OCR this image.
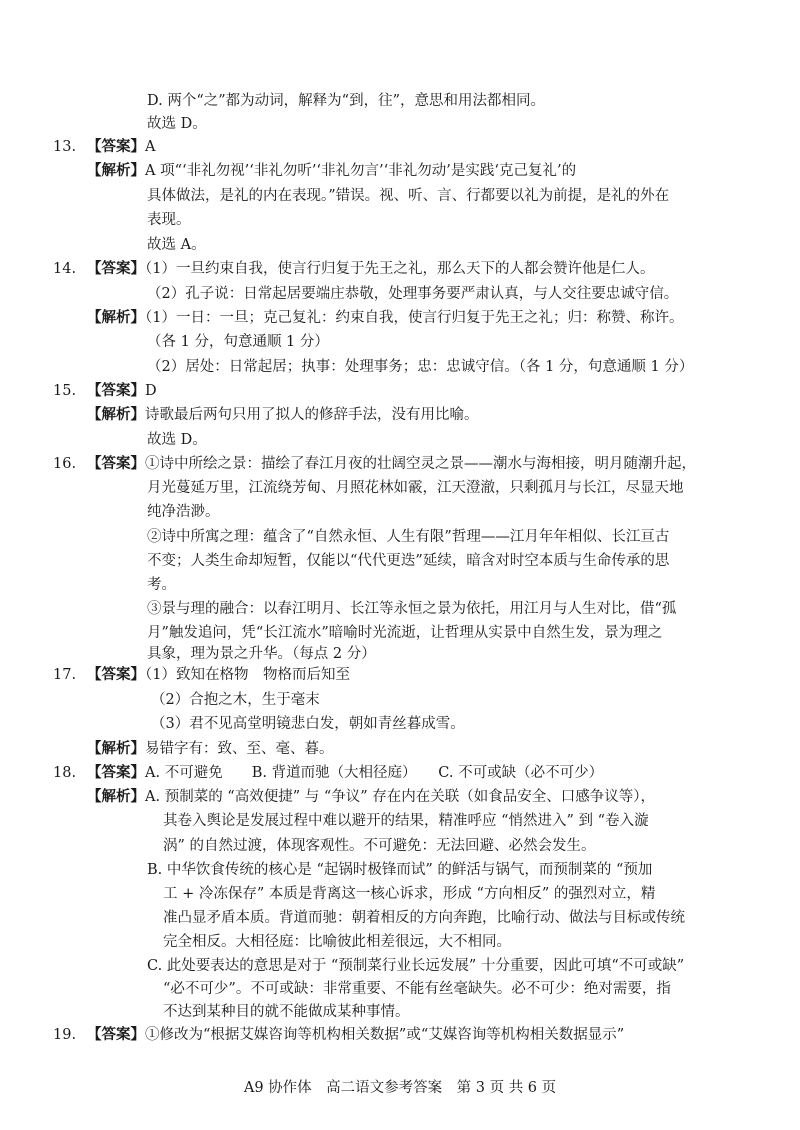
13.
14.
15.
16.
17.
18.
19.
D. 两个“之”都为动词，解释为“到，往”，意思和用法都相同。
故选 D。
【答案】A
【解析】A 项“‘非礼勿视’‘非礼勿听’‘非礼勿言’‘非礼勿动’是实践‘克己复礼’的
具体做法，是礼的内在表现。”错误。视、听、言、行都要以礼为前提，是礼的外在
表现。
故选 A。
【答案】（1）一旦约束自我，使言行归复于先王之礼，那么天下的人都会赞许他是仁人。
（2）孔子说：日常起居要端庄恭敬，处理事务要严肃认真，与人交往要忠诚守信。
【解析】（1）一日：一旦；克己复礼：约束自我，使言行归复于先王之礼；归：称赞、称许。
（各 1 分，句意通顺 1 分）
（2）居处：日常起居；执事：处理事务；忠：忠诚守信。（各 1 分，句意通顺 1 分）
【答案】D
【解析】诗歌最后两句只用了拟人的修辞手法，没有用比喻。
故选 D。
【答案】①诗中所绘之景：描绘了春江月夜的壮阔空灵之景——潮水与海相接，明月随潮升起，
月光蔓延万里，江流绕芳甸、月照花林如霰，江天澄澈，只剩孤月与长江，尽显天地
纯净浩渺。
②诗中所寓之理：蕴含了“自然永恒、人生有限”哲理——江月年年相似、长江亘古
不变；人类生命却短暂，仅能以“代代更迭”延续，暗含对时空本质与生命传承的思
考。
③景与理的融合：以春江明月、长江等永恒之景为依托，用江月与人生对比，借“孤
月”触发追问，凭“长江流水”暗喻时光流逝，让哲理从实景中自然生发，景为理之
具象，理为景之升华。（每点 2 分）
【答案】（1）致知在格物　物格而后知至
（2）合抱之木，生于毫末
（3）君不见高堂明镜悲白发，朝如青丝暮成雪。
【解析】易错字有：致、至、毫、暮。
【答案】A. 不可避免　　B. 背道而驰（大相径庭）　　C. 不可或缺（必不可少）
【解析】A. 预制菜的 “高效便捷” 与 “争议” 存在内在关联（如食品安全、口感争议等），
其卷入舆论是发展过程中难以避开的结果，精准呼应 “悄然进入” 到 “卷入漩
涡” 的自然过渡，体现客观性。不可避免：无法回避、必然会发生。
B. 中华饮食传统的核心是 “起锅时极锋而试” 的鲜活与锅气，而预制菜的 “预加
工 + 冷冻保存” 本质是背离这一核心诉求，形成 “方向相反” 的强烈对立，精
准凸显矛盾本质。背道而驰：朝着相反的方向奔跑，比喻行动、做法与目标或传统
完全相反。大相径庭：比喻彼此相差很远，大不相同。
C. 此处要表达的意思是对于 “预制菜行业长远发展” 十分重要，因此可填“不可或缺”
“必不可少”。不可或缺：非常重要、不能有丝毫缺失。必不可少：绝对需要，指
不达到某种目的就不能做成某种事情。
【答案】①修改为“根据艾媒咨询等机构相关数据”或“艾媒咨询等机构相关数据显示”
A9 协作体　高二语文参考答案　第 3 页 共 6 页
